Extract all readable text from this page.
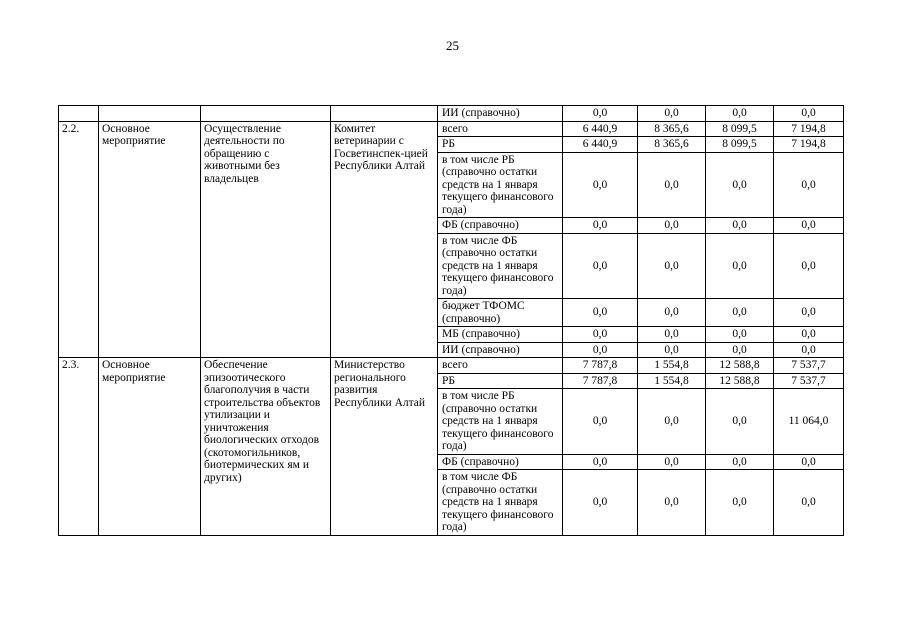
25
				ИИ (справочно)	0,0	0,0	0,0	0,0
2.2.	Основное мероприятие	Осуществление деятельности по обращению с животными без владельцев	Комитет ветеринарии с Госветинспек-цией Республики Алтай	всего	6 440,9	8 365,6	8 099,5	7 194,8
				РБ	6 440,9	8 365,6	8 099,5	7 194,8
				в том числе РБ (справочно остатки средств на 1 января текущего финансового года)	0,0	0,0	0,0	0,0
				ФБ (справочно)	0,0	0,0	0,0	0,0
				в том числе ФБ (справочно остатки средств на 1 января текущего финансового года)	0,0	0,0	0,0	0,0
				бюджет ТФОМС (справочно)	0,0	0,0	0,0	0,0
				МБ (справочно)	0,0	0,0	0,0	0,0
				ИИ (справочно)	0,0	0,0	0,0	0,0
2.3.	Основное мероприятие	Обеспечение эпизоотического благополучия в части строительства объектов утилизации и уничтожения биологических отходов (скотомогильников, биотермических ям и других)	Министерство регионального развития Республики Алтай	всего	7 787,8	1 554,8	12 588,8	7 537,7
				РБ	7 787,8	1 554,8	12 588,8	7 537,7
				в том числе РБ (справочно остатки средств на 1 января текущего финансового года)	0,0	0,0	0,0	11 064,0
				ФБ (справочно)	0,0	0,0	0,0	0,0
				в том числе ФБ (справочно остатки средств на 1 января текущего финансового года)	0,0	0,0	0,0	0,0
